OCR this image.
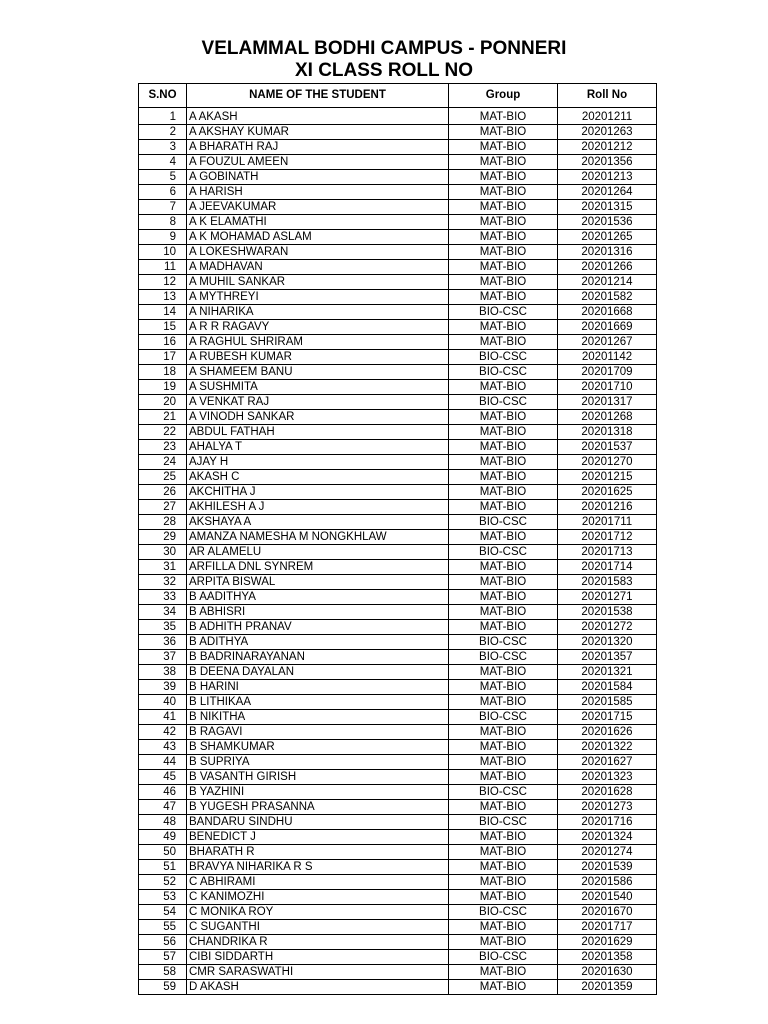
VELAMMAL BODHI CAMPUS - PONNERI
XI CLASS ROLL NO
S.NO	NAME OF THE STUDENT	Group	Roll No
1	A AKASH	MAT-BIO	20201211
2	A AKSHAY KUMAR	MAT-BIO	20201263
3	A BHARATH RAJ	MAT-BIO	20201212
4	A FOUZUL AMEEN	MAT-BIO	20201356
5	A GOBINATH	MAT-BIO	20201213
6	A HARISH	MAT-BIO	20201264
7	A JEEVAKUMAR	MAT-BIO	20201315
8	A K ELAMATHI	MAT-BIO	20201536
9	A K MOHAMAD ASLAM	MAT-BIO	20201265
10	A LOKESHWARAN	MAT-BIO	20201316
11	A MADHAVAN	MAT-BIO	20201266
12	A MUHIL SANKAR	MAT-BIO	20201214
13	A MYTHREYI	MAT-BIO	20201582
14	A NIHARIKA	BIO-CSC	20201668
15	A R R RAGAVY	MAT-BIO	20201669
16	A RAGHUL SHRIRAM	MAT-BIO	20201267
17	A RUBESH KUMAR	BIO-CSC	20201142
18	A SHAMEEM BANU	BIO-CSC	20201709
19	A SUSHMITA	MAT-BIO	20201710
20	A VENKAT RAJ	BIO-CSC	20201317
21	A VINODH SANKAR	MAT-BIO	20201268
22	ABDUL FATHAH	MAT-BIO	20201318
23	AHALYA T	MAT-BIO	20201537
24	AJAY H	MAT-BIO	20201270
25	AKASH C	MAT-BIO	20201215
26	AKCHITHA J	MAT-BIO	20201625
27	AKHILESH A J	MAT-BIO	20201216
28	AKSHAYA A	BIO-CSC	20201711
29	AMANZA NAMESHA M NONGKHLAW	MAT-BIO	20201712
30	AR ALAMELU	BIO-CSC	20201713
31	ARFILLA DNL SYNREM	MAT-BIO	20201714
32	ARPITA BISWAL	MAT-BIO	20201583
33	B AADITHYA	MAT-BIO	20201271
34	B ABHISRI	MAT-BIO	20201538
35	B ADHITH PRANAV	MAT-BIO	20201272
36	B ADITHYA	BIO-CSC	20201320
37	B BADRINARAYANAN	BIO-CSC	20201357
38	B DEENA DAYALAN	MAT-BIO	20201321
39	B HARINI	MAT-BIO	20201584
40	B LITHIKAA	MAT-BIO	20201585
41	B NIKITHA	BIO-CSC	20201715
42	B RAGAVI	MAT-BIO	20201626
43	B SHAMKUMAR	MAT-BIO	20201322
44	B SUPRIYA	MAT-BIO	20201627
45	B VASANTH GIRISH	MAT-BIO	20201323
46	B YAZHINI	BIO-CSC	20201628
47	B YUGESH PRASANNA	MAT-BIO	20201273
48	BANDARU SINDHU	BIO-CSC	20201716
49	BENEDICT J	MAT-BIO	20201324
50	BHARATH R	MAT-BIO	20201274
51	BRAVYA NIHARIKA R S	MAT-BIO	20201539
52	C ABHIRAMI	MAT-BIO	20201586
53	C KANIMOZHI	MAT-BIO	20201540
54	C MONIKA ROY	BIO-CSC	20201670
55	C SUGANTHI	MAT-BIO	20201717
56	CHANDRIKA R	MAT-BIO	20201629
57	CIBI SIDDARTH	BIO-CSC	20201358
58	CMR SARASWATHI	MAT-BIO	20201630
59	D AKASH	MAT-BIO	20201359
